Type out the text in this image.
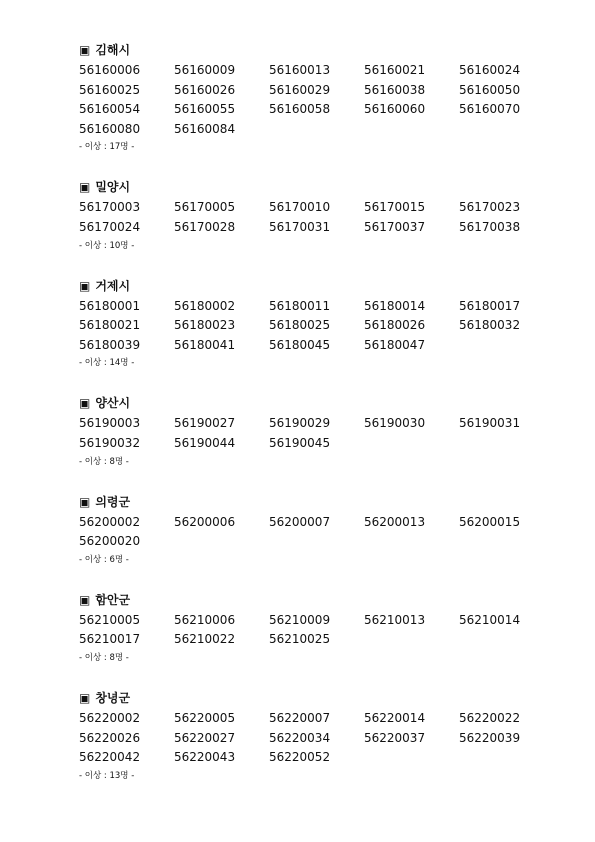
▣ 김해시
56160006	56160009	56160013	56160021	56160024
56160025	56160026	56160029	56160038	56160050
56160054	56160055	56160058	56160060	56160070
56160080	56160084
- 이상 : 17명 -
▣ 밀양시
56170003	56170005	56170010	56170015	56170023
56170024	56170028	56170031	56170037	56170038
- 이상 : 10명 -
▣ 거제시
56180001	56180002	56180011	56180014	56180017
56180021	56180023	56180025	56180026	56180032
56180039	56180041	56180045	56180047
- 이상 : 14명 -
▣ 양산시
56190003	56190027	56190029	56190030	56190031
56190032	56190044	56190045
- 이상 : 8명 -
▣ 의령군
56200002	56200006	56200007	56200013	56200015
56200020
- 이상 : 6명 -
▣ 함안군
56210005	56210006	56210009	56210013	56210014
56210017	56210022	56210025
- 이상 : 8명 -
▣ 창녕군
56220002	56220005	56220007	56220014	56220022
56220026	56220027	56220034	56220037	56220039
56220042	56220043	56220052
- 이상 : 13명 -
